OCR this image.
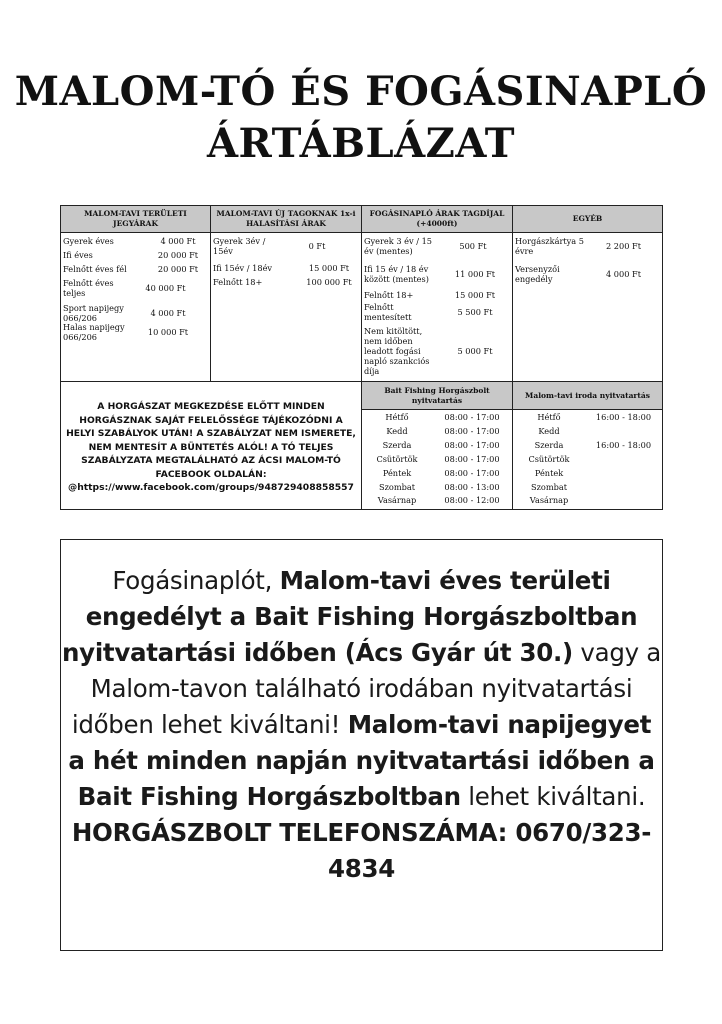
MALOM-TÓ ÉS FOGÁSINAPLÓ
ÁRTÁBLÁZAT
MALOM-TAVI TERÜLETI JEGYÁRAK
MALOM-TAVI ÚJ TAGOKNAK 1x-i HALASÍTÁSI ÁRAK
FOGÁSINAPLÓ ÁRAK TAGDÍJAL (+4000ft)
EGYÉB
Bait Fishing Horgászbolt nyitvatartás
Malom-tavi iroda nyitvatartás
Gyerek éves	4 000 Ft
Ifi éves	20 000 Ft
Felnőtt éves fél	20 000 Ft
Felnőtt éves teljes	40 000 Ft
Sport napijegy 066/206	4 000 Ft
Halas napijegy 066/206	10 000 Ft
Gyerek 3év / 15év	0 Ft
Ifi 15év / 18év	15 000 Ft
Felnőtt 18+	100 000 Ft
Gyerek 3 év / 15 év (mentes)	500 Ft
Ifi 15 év / 18 év között (mentes)	11 000 Ft
Felnőtt 18+	15 000 Ft
Felnőtt mentesített	5 500 Ft
Nem kitöltött, nem időben leadott fogási napló szankciós díja
5 000 Ft
Horgászkártya 5 évre	2 200 Ft
Versenyzői engedély	4 000 Ft
A HORGÁSZAT MEGKEZDÉSE ELŐTT MINDEN
HORGÁSZNAK SAJÁT FELELŐSSÉGE TÁJÉKOZÓDNI A
HELYI SZABÁLYOK UTÁN! A SZABÁLYZAT NEM ISMERETE,
NEM MENTESÍT A BÜNTETÉS ALÓL! A TÓ TELJES
SZABÁLYZATA MEGTALÁLHATÓ AZ ÁCSI MALOM-TÓ
FACEBOOK OLDALÁN:
@https://www.facebook.com/groups/948729408858557
Hétfő	08:00 - 17:00
Kedd	08:00 - 17:00
Szerda	08:00 - 17:00
Csütörtök	08:00 - 17:00
Péntek	08:00 - 17:00
Szombat	08:00 - 13:00
Vasárnap	08:00 - 12:00
Hétfő	16:00 - 18:00
Kedd
Szerda	16:00 - 18:00
Csütörtök
Péntek
Szombat
Vasárnap
Fogásinaplót, Malom-tavi éves területi engedélyt a Bait Fishing Horgászboltban nyitvatartási időben (Ács Gyár út 30.) vagy a Malom-tavon található irodában nyitvatartási időben lehet kiváltani! Malom-tavi napijegyet a hét minden napján nyitvatartási időben a Bait Fishing Horgászboltban lehet kiváltani. HORGÁSZBOLT TELEFONSZÁMA: 0670/323-4834
